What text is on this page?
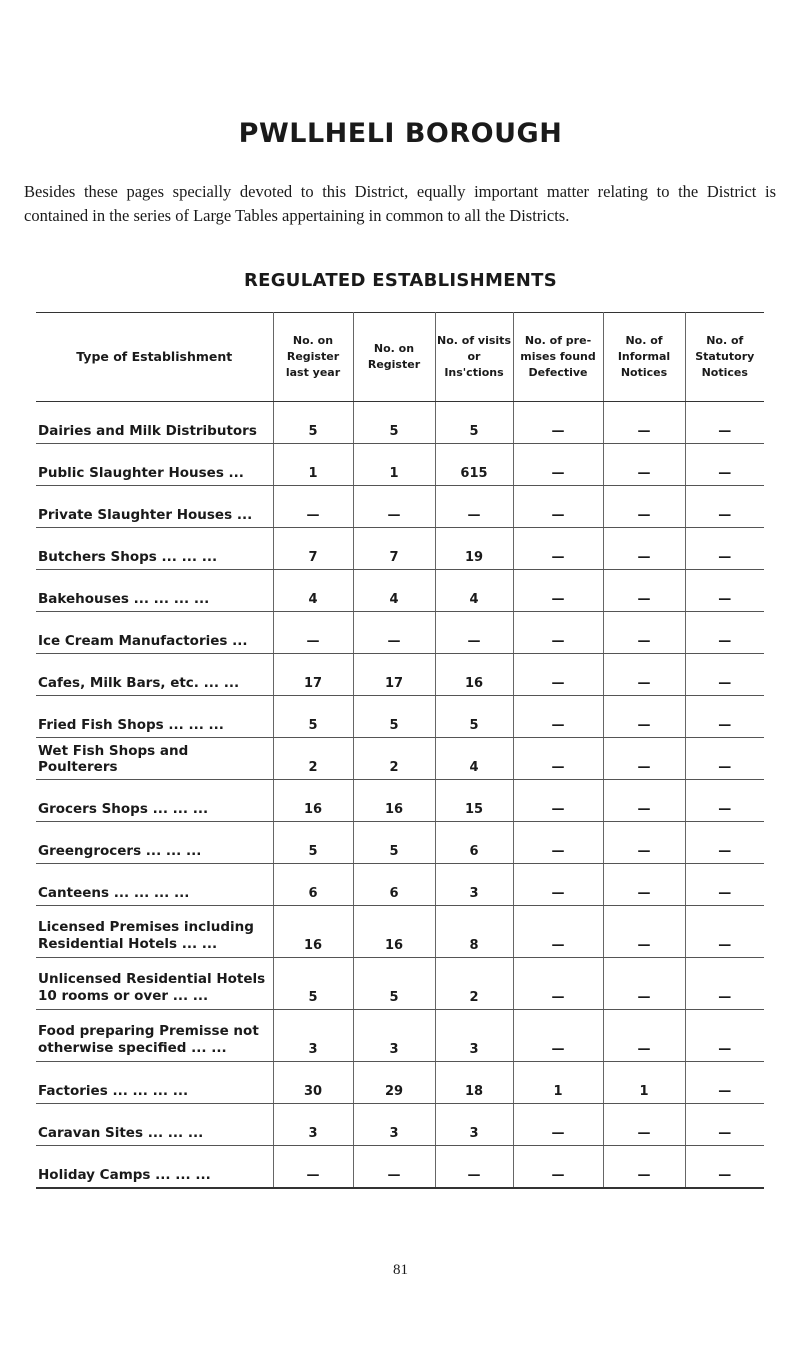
PWLLHELI BOROUGH
Besides these pages specially devoted to this District, equally important matter relating to the District is contained in the series of Large Tables appertaining in common to all the Districts.
REGULATED ESTABLISHMENTS
Type of Establishment	No. on Register last year	No. on Register	No. of visits or Ins'ctions	No. of pre-mises found Defective	No. of Informal Notices	No. of Statutory Notices
Dairies and Milk Distributors	5	5	5	—	—	—
Public Slaughter Houses ...	1	1	615	—	—	—
Private Slaughter Houses ...	—	—	—	—	—	—
Butchers Shops ... ... ...	7	7	19	—	—	—
Bakehouses ... ... ... ...	4	4	4	—	—	—
Ice Cream Manufactories ...	—	—	—	—	—	—
Cafes, Milk Bars, etc. ... ...	17	17	16	—	—	—
Fried Fish Shops ... ... ...	5	5	5	—	—	—
Wet Fish Shops and Poulterers	2	2	4	—	—	—
Grocers Shops ... ... ...	16	16	15	—	—	—
Greengrocers ... ... ...	5	5	6	—	—	—
Canteens ... ... ... ...	6	6	3	—	—	—
Licensed Premises including Residential Hotels ... ...	16	16	8	—	—	—
Unlicensed Residential Hotels 10 rooms or over ... ...	5	5	2	—	—	—
Food preparing Premisse not otherwise specified ... ...	3	3	3	—	—	—
Factories ... ... ... ...	30	29	18	1	1	—
Caravan Sites ... ... ...	3	3	3	—	—	—
Holiday Camps ... ... ...	—	—	—	—	—	—
81
